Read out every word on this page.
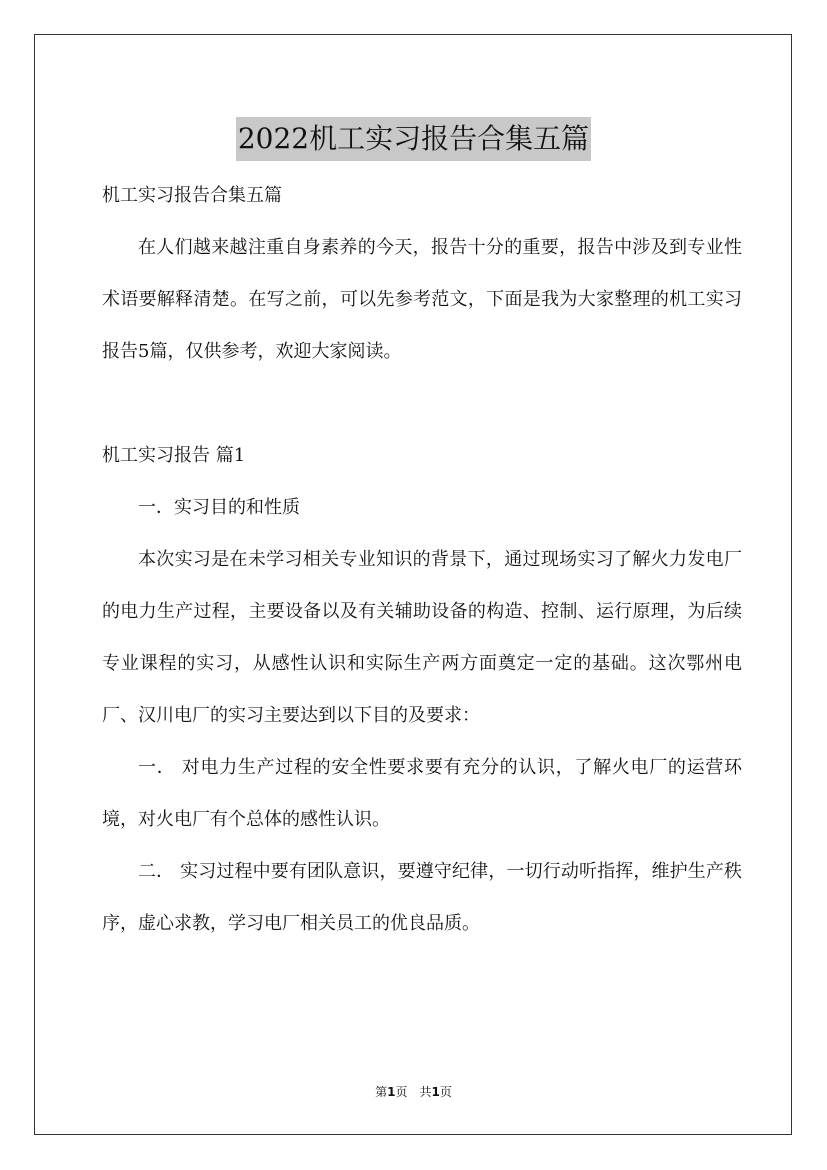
2022机工实习报告合集五篇

机工实习报告合集五篇

在人们越来越注重自身素养的今天，报告十分的重要，报告中涉及到专业性术语要解释清楚。在写之前，可以先参考范文，下面是我为大家整理的机工实习报告5篇，仅供参考，欢迎大家阅读。

机工实习报告 篇1

一．实习目的和性质

本次实习是在未学习相关专业知识的背景下，通过现场实习了解火力发电厂的电力生产过程，主要设备以及有关辅助设备的构造、控制、运行原理，为后续专业课程的实习，从感性认识和实际生产两方面奠定一定的基础。这次鄂州电厂、汉川电厂的实习主要达到以下目的及要求：

一． 对电力生产过程的安全性要求要有充分的认识，了解火电厂的运营环境，对火电厂有个总体的感性认识。

二． 实习过程中要有团队意识，要遵守纪律，一切行动听指挥，维护生产秩序，虚心求教，学习电厂相关员工的优良品质。

第1页　共1页
